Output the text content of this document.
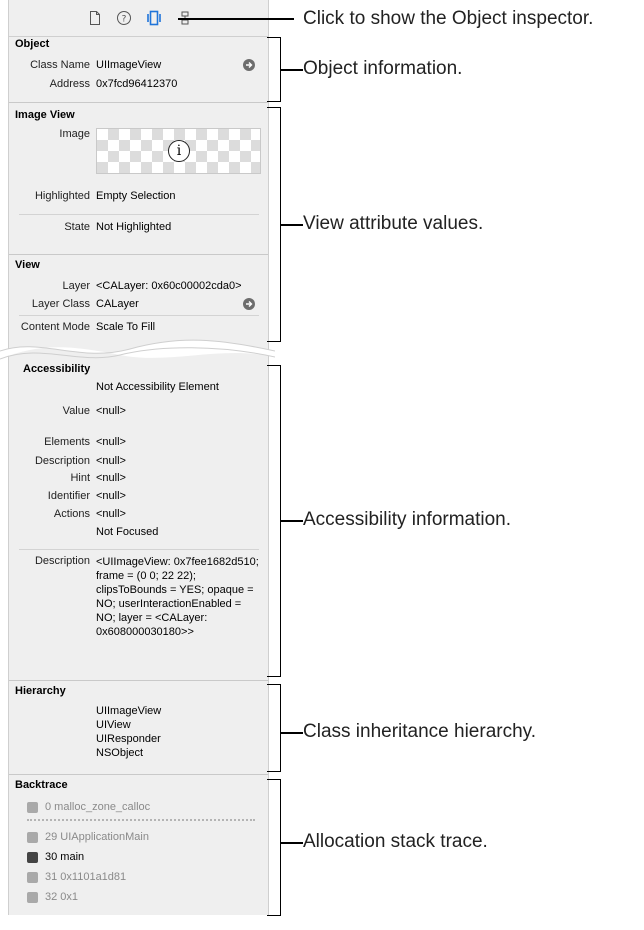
?
Object
Class Name UIImageView
Address 0x7fcd96412370
Image View
Image
i
Highlighted Empty Selection
State Not Highlighted
View
Layer <CALayer: 0x60c00002cda0>
Layer Class CALayer
Content Mode Scale To Fill
Accessibility
Not Accessibility Element
Value <null>
Elements <null>
Description <null>
Hint <null>
Identifier <null>
Actions <null>
Not Focused
Description <UIImageView: 0x7fee1682d510; frame = (0 0; 22 22); clipsToBounds = YES; opaque = NO; userInteractionEnabled = NO; layer = <CALayer: 0x608000030180>>
Hierarchy
UIImageView
UIView
UIResponder
NSObject
Backtrace
0 malloc_zone_calloc
29 UIApplicationMain
30 main
31 0x1101a1d81
32 0x1
Click to show the Object inspector.
Object information.
View attribute values.
Accessibility information.
Class inheritance hierarchy.
Allocation stack trace.
